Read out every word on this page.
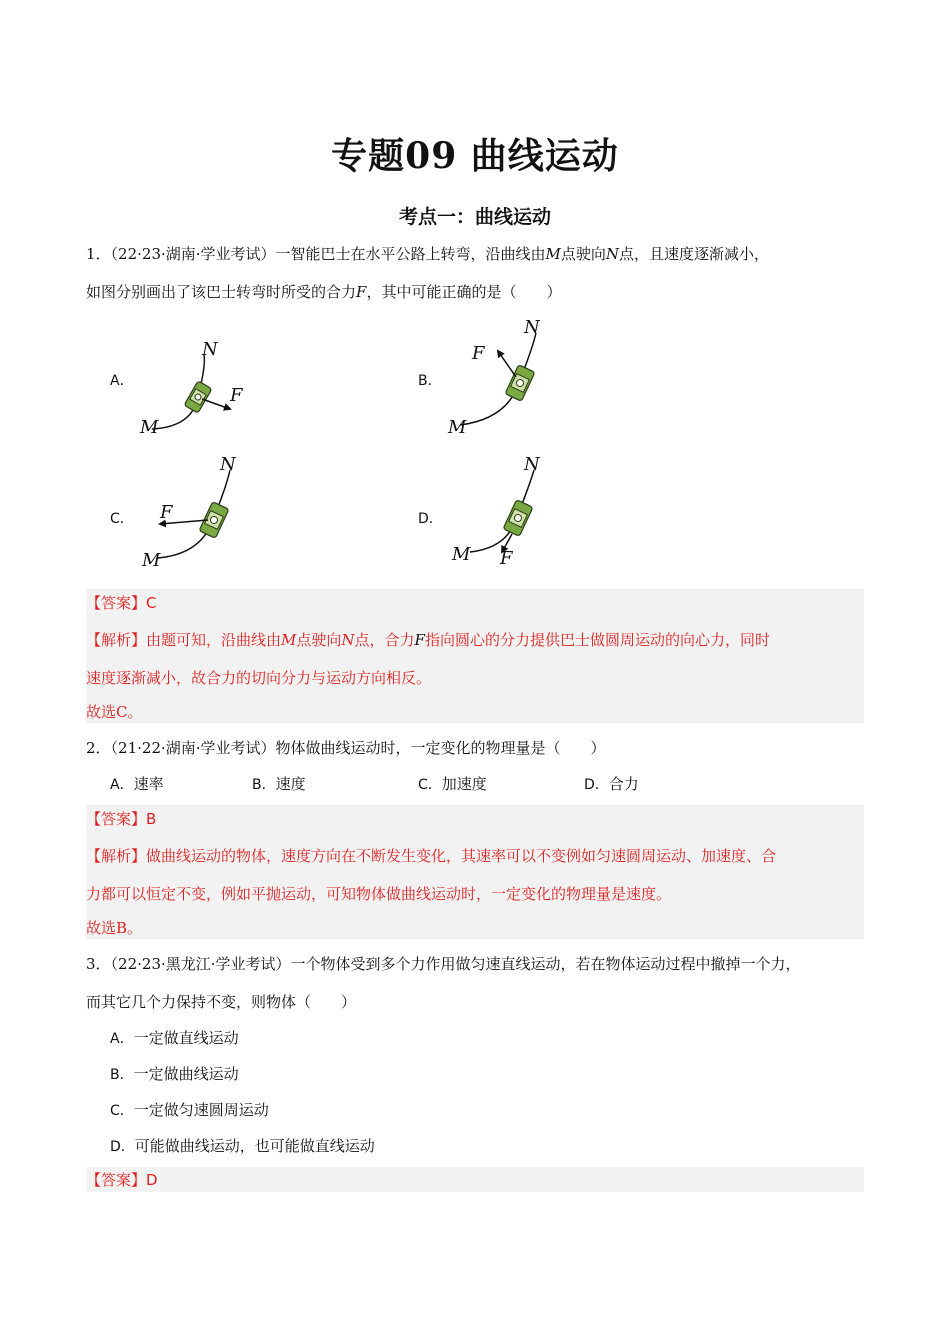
专题09 曲线运动
考点一：曲线运动
1．（22·23·湖南·学业考试）一智能巴士在水平公路上转弯，沿曲线由M点驶向N点，且速度逐渐减小，
如图分别画出了该巴士转弯时所受的合力F，其中可能正确的是（　　）
A．
N
M
F
B．
N
M
F
C．
N
M
F	D．
N
M F
【答案】C
【解析】由题可知，沿曲线由M点驶向N点，合力F指向圆心的分力提供巴士做圆周运动的向心力，同时
速度逐渐减小，故合力的切向分力与运动方向相反。
故选C。
2．（21·22·湖南·学业考试）物体做曲线运动时，一定变化的物理量是（　　）
A．速率	B．速度	C．加速度	D．合力
【答案】B
【解析】做曲线运动的物体，速度方向在不断发生变化，其速率可以不变例如匀速圆周运动、加速度、合
力都可以恒定不变，例如平抛运动，可知物体做曲线运动时，一定变化的物理量是速度。
故选B。
3．（22·23·黑龙江·学业考试）一个物体受到多个力作用做匀速直线运动，若在物体运动过程中撤掉一个力，
而其它几个力保持不变，则物体（　　）
A．一定做直线运动
B．一定做曲线运动
C．一定做匀速圆周运动
D．可能做曲线运动，也可能做直线运动
【答案】D
